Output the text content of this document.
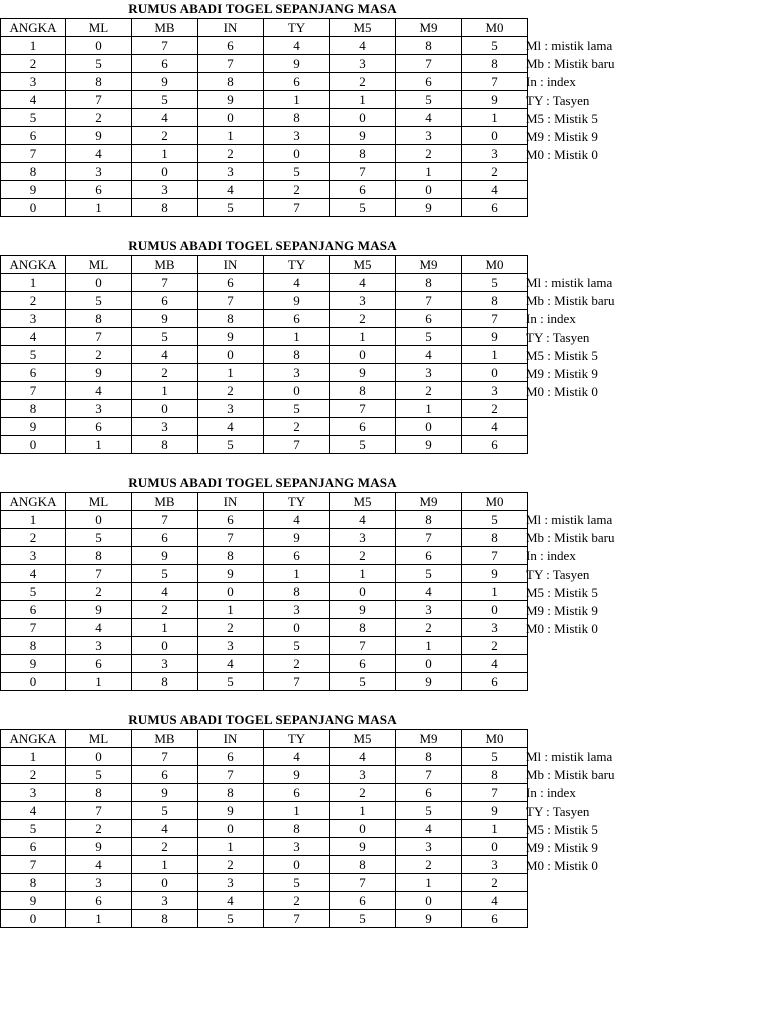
RUMUS ABADI TOGEL SEPANJANG MASA
ANGKA	ML	MB	IN	TY	M5	M9	M0
1	0	7	6	4	4	8	5
2	5	6	7	9	3	7	8
3	8	9	8	6	2	6	7
4	7	5	9	1	1	5	9
5	2	4	0	8	0	4	1
6	9	2	1	3	9	3	0
7	4	1	2	0	8	2	3
8	3	0	3	5	7	1	2
9	6	3	4	2	6	0	4
0	1	8	5	7	5	9	6
Ml : mistik lama
Mb : Mistik baru
In : index
TY : Tasyen
M5 : Mistik 5
M9 : Mistik 9
M0 : Mistik 0
RUMUS ABADI TOGEL SEPANJANG MASA
ANGKA	ML	MB	IN	TY	M5	M9	M0
1	0	7	6	4	4	8	5
2	5	6	7	9	3	7	8
3	8	9	8	6	2	6	7
4	7	5	9	1	1	5	9
5	2	4	0	8	0	4	1
6	9	2	1	3	9	3	0
7	4	1	2	0	8	2	3
8	3	0	3	5	7	1	2
9	6	3	4	2	6	0	4
0	1	8	5	7	5	9	6
Ml : mistik lama
Mb : Mistik baru
In : index
TY : Tasyen
M5 : Mistik 5
M9 : Mistik 9
M0 : Mistik 0
RUMUS ABADI TOGEL SEPANJANG MASA
ANGKA	ML	MB	IN	TY	M5	M9	M0
1	0	7	6	4	4	8	5
2	5	6	7	9	3	7	8
3	8	9	8	6	2	6	7
4	7	5	9	1	1	5	9
5	2	4	0	8	0	4	1
6	9	2	1	3	9	3	0
7	4	1	2	0	8	2	3
8	3	0	3	5	7	1	2
9	6	3	4	2	6	0	4
0	1	8	5	7	5	9	6
Ml : mistik lama
Mb : Mistik baru
In : index
TY : Tasyen
M5 : Mistik 5
M9 : Mistik 9
M0 : Mistik 0
RUMUS ABADI TOGEL SEPANJANG MASA
ANGKA	ML	MB	IN	TY	M5	M9	M0
1	0	7	6	4	4	8	5
2	5	6	7	9	3	7	8
3	8	9	8	6	2	6	7
4	7	5	9	1	1	5	9
5	2	4	0	8	0	4	1
6	9	2	1	3	9	3	0
7	4	1	2	0	8	2	3
8	3	0	3	5	7	1	2
9	6	3	4	2	6	0	4
0	1	8	5	7	5	9	6
Ml : mistik lama
Mb : Mistik baru
In : index
TY : Tasyen
M5 : Mistik 5
M9 : Mistik 9
M0 : Mistik 0
